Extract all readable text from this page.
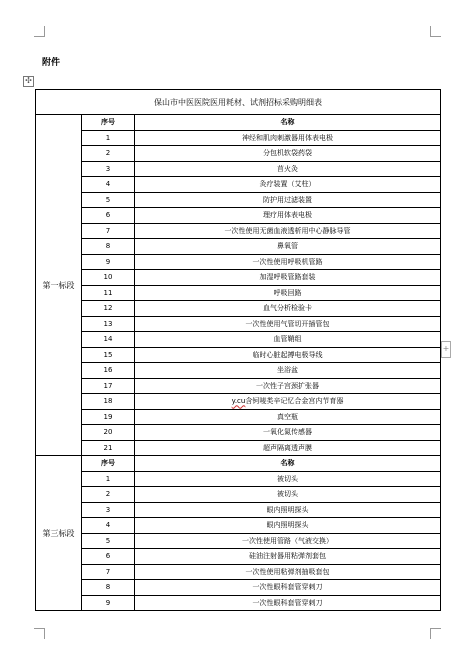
附件
✣
+
保山市中医医院医用耗材、试剂招标采购明细表		
第一标段	序号	名称
	1	神经和肌肉刺激器用体表电极
	2	分包机软袋药袋
	3	苜火灸
	4	灸疗装置（艾柱）
	5	防护用过滤装置
	6	理疗用体表电极
	7	一次性使用无菌血液透析用中心静脉导管
	8	鼻氧管
	9	一次性使用呼吸机管路
	10	加湿呼吸管路套装
	11	呼吸回路
	12	血气分析检验卡
	13	一次性使用气管切开插管包
	14	血管鞘组
	15	临时心脏起搏电极导线
	16	坐浴盆
	17	一次性子宫颈扩张器
	18	y.cu含钶唛类辛记忆合金宫内节育器
	19	真空瓶
	20	一氧化氮传感器
	21	超声隔离透声膜
第三标段	序号	名称
	1	被切头
	2	被切头
	3	眼内照明探头
	4	眼内照明探头
	5	一次性使用管路（气液交换）
	6	硅油注射器用粘弹剂套包
	7	一次性使用粘弹剂抽吸套包
	8	一次性眼科套管穿刺刀
	9	一次性眼科套管穿刺刀
